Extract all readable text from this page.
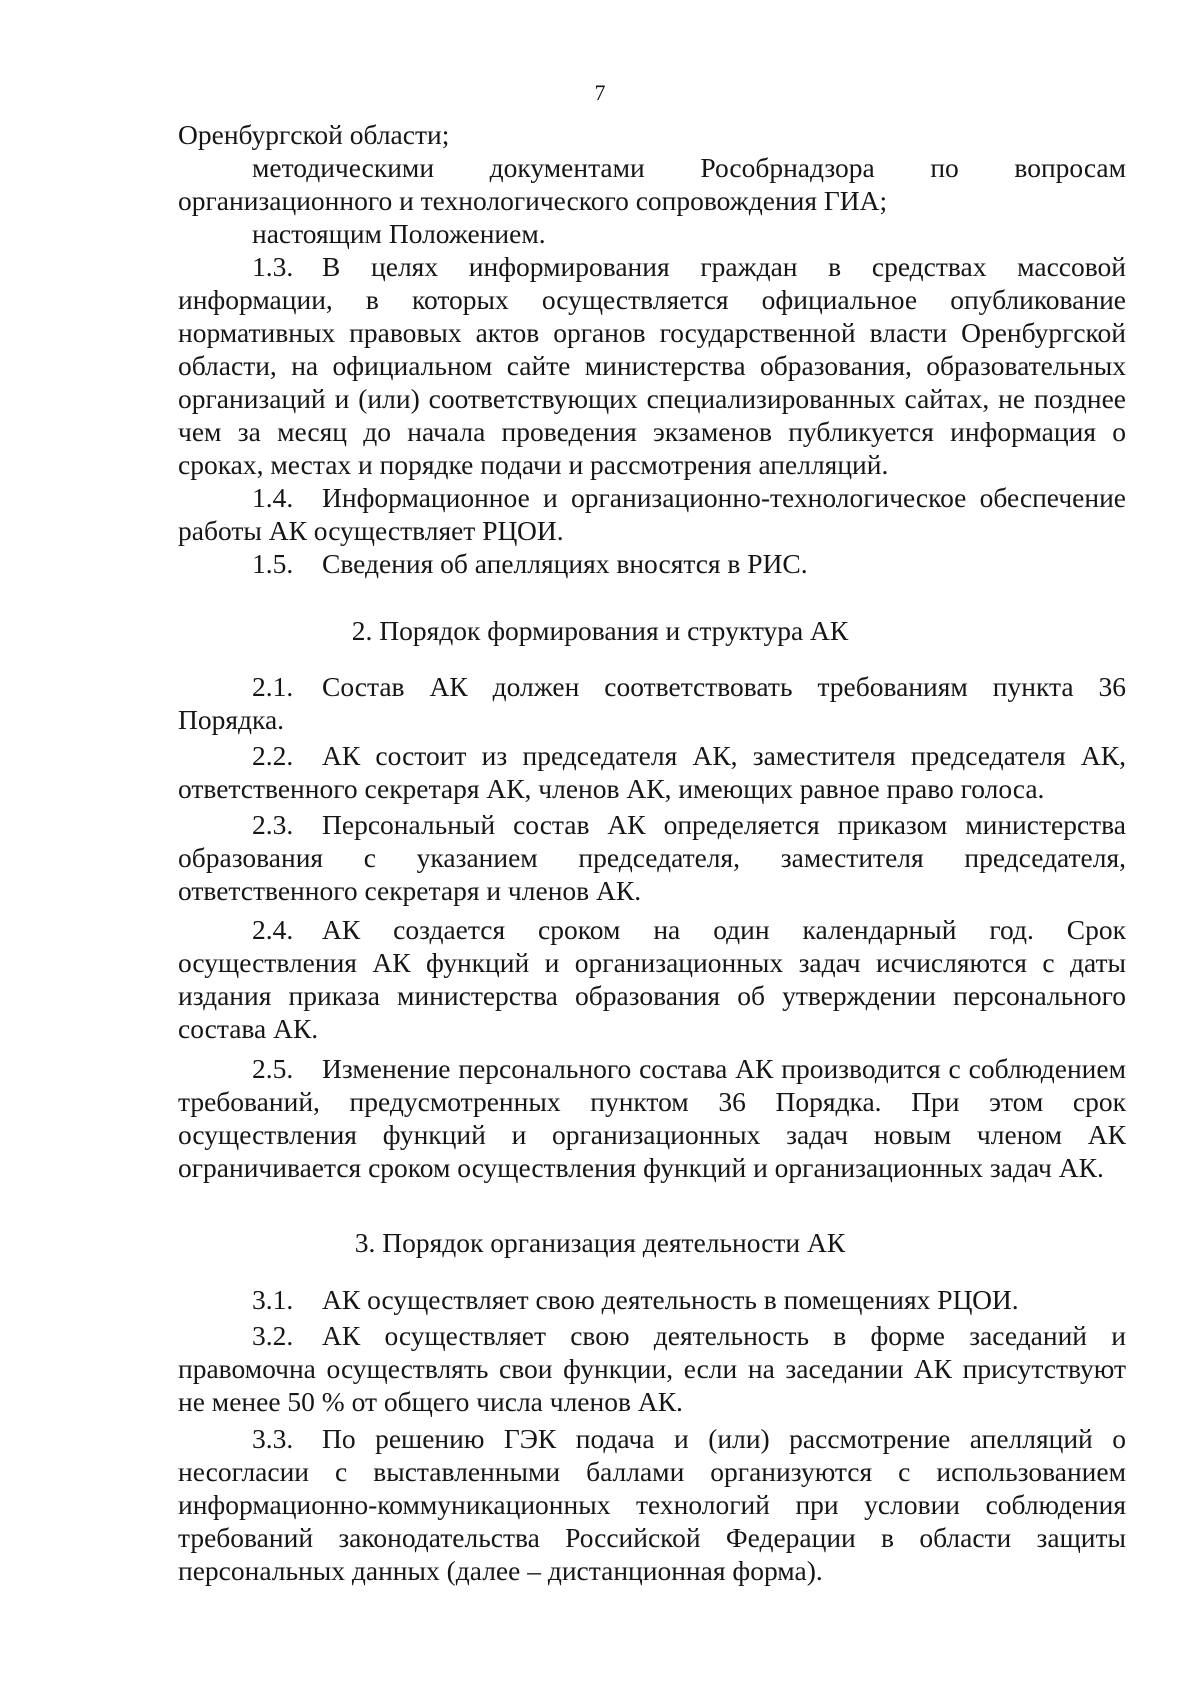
7

Оренбургской области;

методическими документами Рособрнадзора по вопросам организационного и технологического сопровождения ГИА;

настоящим Положением.

1.3. В целях информирования граждан в средствах массовой информации, в которых осуществляется официальное опубликование нормативных правовых актов органов государственной власти Оренбургской области, на официальном сайте министерства образования, образовательных организаций и (или) соответствующих специализированных сайтах, не позднее чем за месяц до начала проведения экзаменов публикуется информация о сроках, местах и порядке подачи и рассмотрения апелляций.

1.4. Информационное и организационно-технологическое обеспечение работы АК осуществляет РЦОИ.

1.5. Сведения об апелляциях вносятся в РИС.

2. Порядок формирования и структура АК

2.1. Состав АК должен соответствовать требованиям пункта 36 Порядка.

2.2. АК состоит из председателя АК, заместителя председателя АК, ответственного секретаря АК, членов АК, имеющих равное право голоса.

2.3. Персональный состав АК определяется приказом министерства образования с указанием председателя, заместителя председателя, ответственного секретаря и членов АК.

2.4. АК создается сроком на один календарный год. Срок осуществления АК функций и организационных задач исчисляются с даты издания приказа министерства образования об утверждении персонального состава АК.

2.5. Изменение персонального состава АК производится с соблюдением требований, предусмотренных пунктом 36 Порядка. При этом срок осуществления функций и организационных задач новым членом АК ограничивается сроком осуществления функций и организационных задач АК.

3. Порядок организация деятельности АК

3.1. АК осуществляет свою деятельность в помещениях РЦОИ.

3.2. АК осуществляет свою деятельность в форме заседаний и правомочна осуществлять свои функции, если на заседании АК присутствуют не менее 50 % от общего числа членов АК.

3.3. По решению ГЭК подача и (или) рассмотрение апелляций о несогласии с выставленными баллами организуются с использованием информационно-коммуникационных технологий при условии соблюдения требований законодательства Российской Федерации в области защиты персональных данных (далее – дистанционная форма).
